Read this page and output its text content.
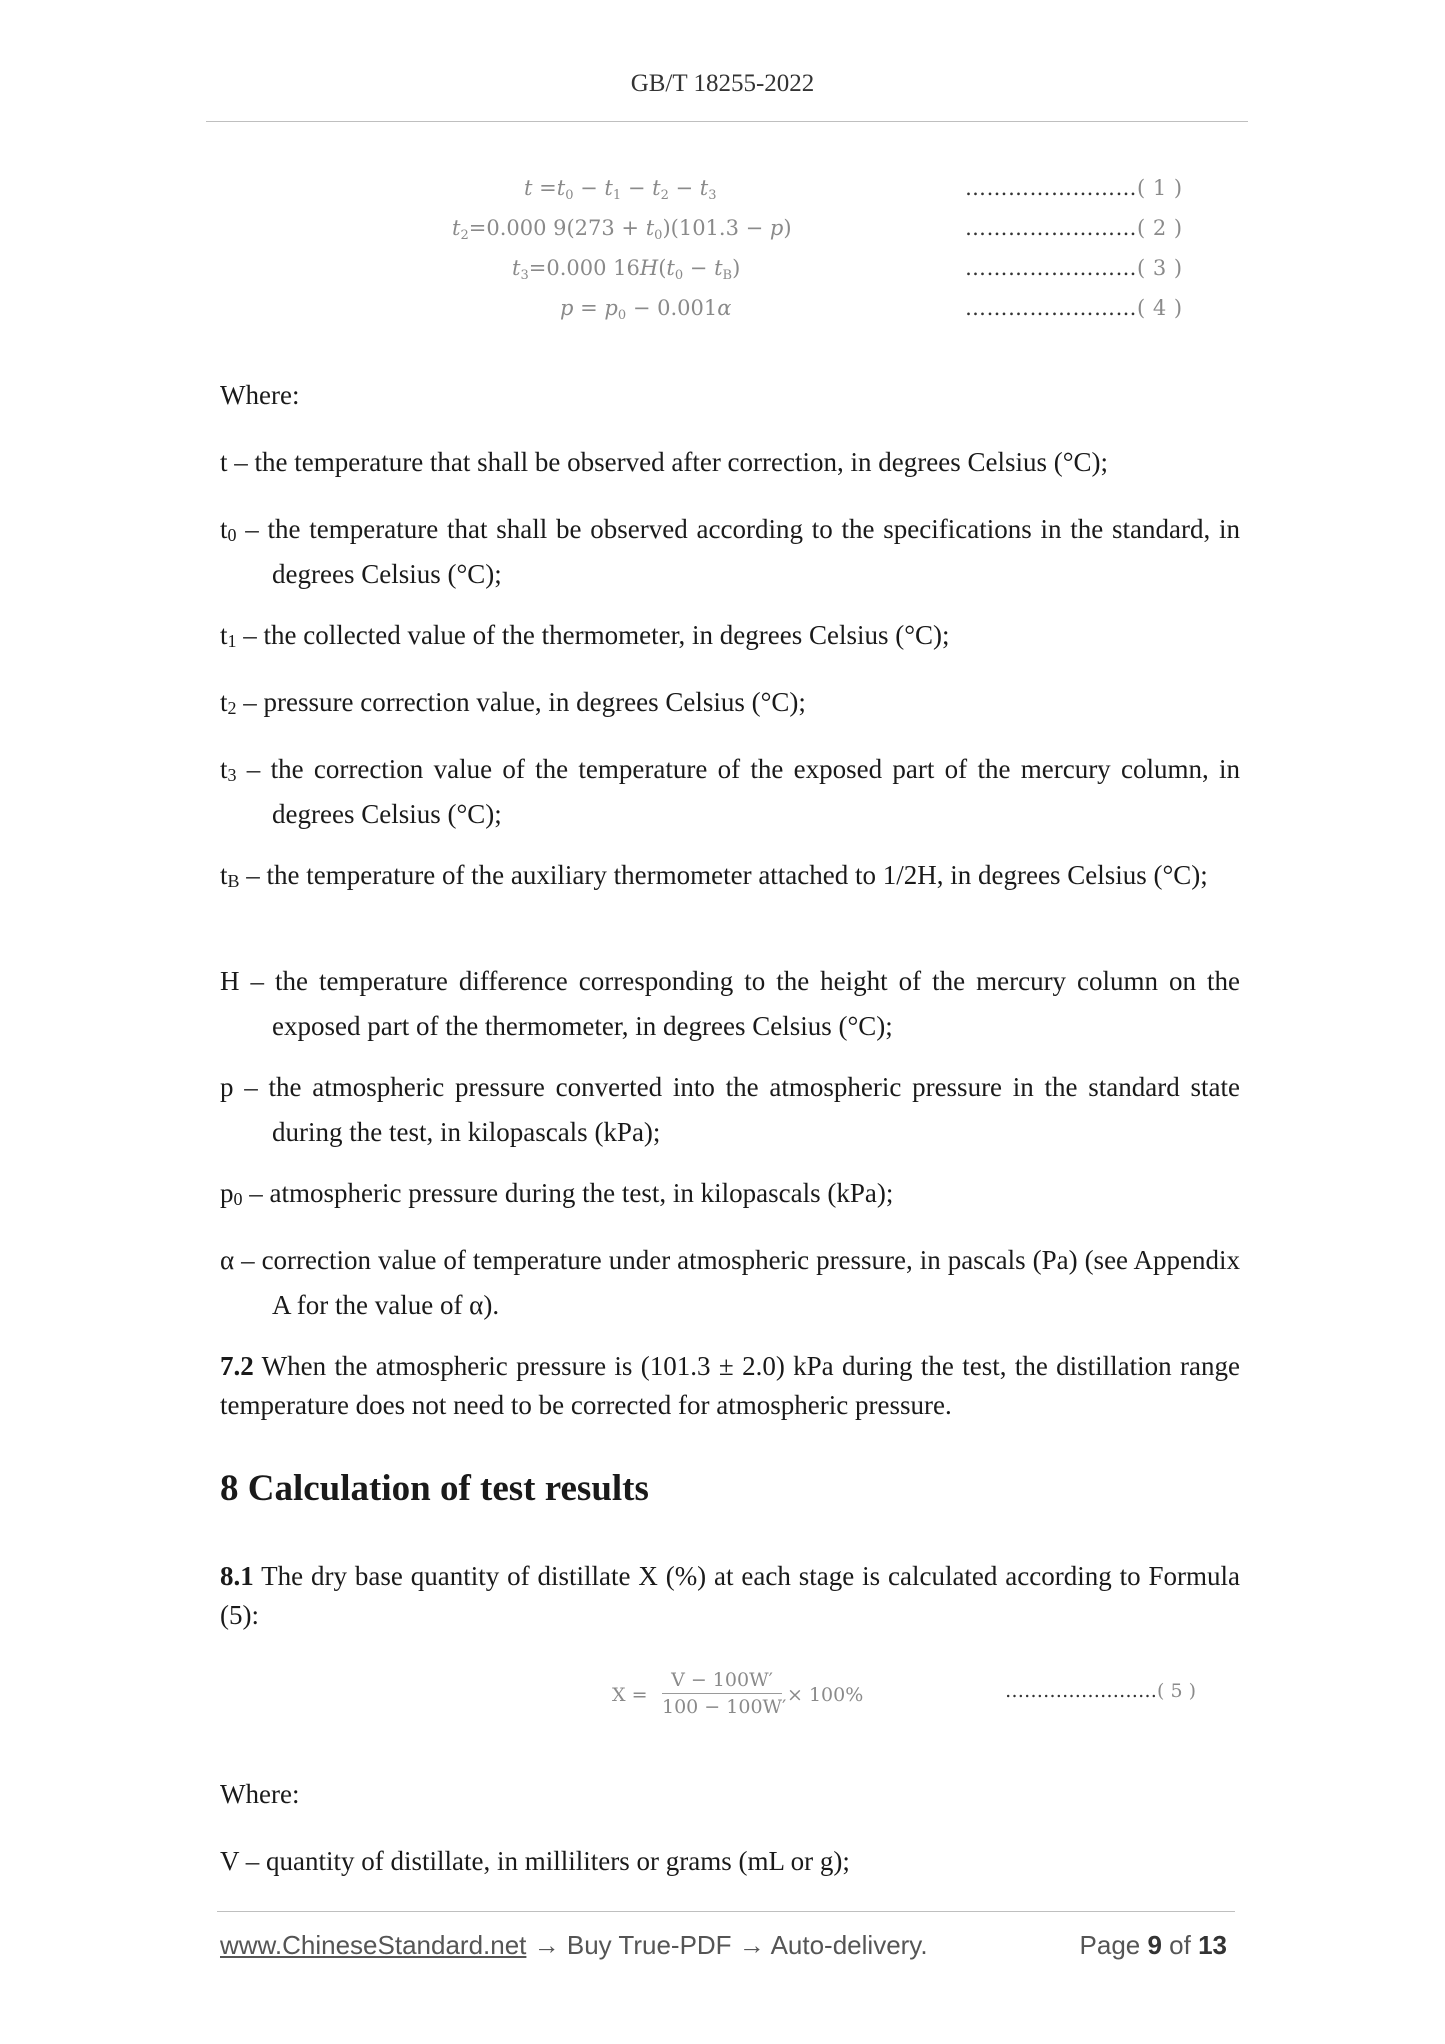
GB/T 18255-2022
$t =t_0 - t_1 - t_2 - t_3$	……………………( 1 )
$t_2=0.000$ $9(273 + t_0)(101.3 - p)$	……………………( 2 )
$t_3=0.000$ $16H(t_0 - t_B)$	……………………( 3 )
$p = p_0 - 0.001\alpha$	……………………( 4 )
Where:
t – the temperature that shall be observed after correction, in degrees Celsius (°C);
$t_0$ – the temperature that shall be observed according to the specifications in the standard, in degrees Celsius (°C);
$t_1$ – the collected value of the thermometer, in degrees Celsius (°C);
$t_2$ – pressure correction value, in degrees Celsius (°C);
$t_3$ – the correction value of the temperature of the exposed part of the mercury column, in degrees Celsius (°C);
$t_B$ – the temperature of the auxiliary thermometer attached to 1/2H, in degrees Celsius (°C);
H – the temperature difference corresponding to the height of the mercury column on the exposed part of the thermometer, in degrees Celsius (°C);
p – the atmospheric pressure converted into the atmospheric pressure in the standard state during the test, in kilopascals (kPa);
$p_0$ – atmospheric pressure during the test, in kilopascals (kPa);
α – correction value of temperature under atmospheric pressure, in pascals (Pa) (see Appendix A for the value of α).
7.2 When the atmospheric pressure is (101.3 ± 2.0) kPa during the test, the distillation range temperature does not need to be corrected for atmospheric pressure.
8 Calculation of test results
8.1 The dry base quantity of distillate X (%) at each stage is calculated according to Formula (5):
X =
V − 100W′
100 − 100W′
× 100%	……………………( 5 )
Where:
V – quantity of distillate, in milliliters or grams (mL or g);
www.ChineseStandard.net → Buy True-PDF → Auto-delivery.	Page 9 of 13
